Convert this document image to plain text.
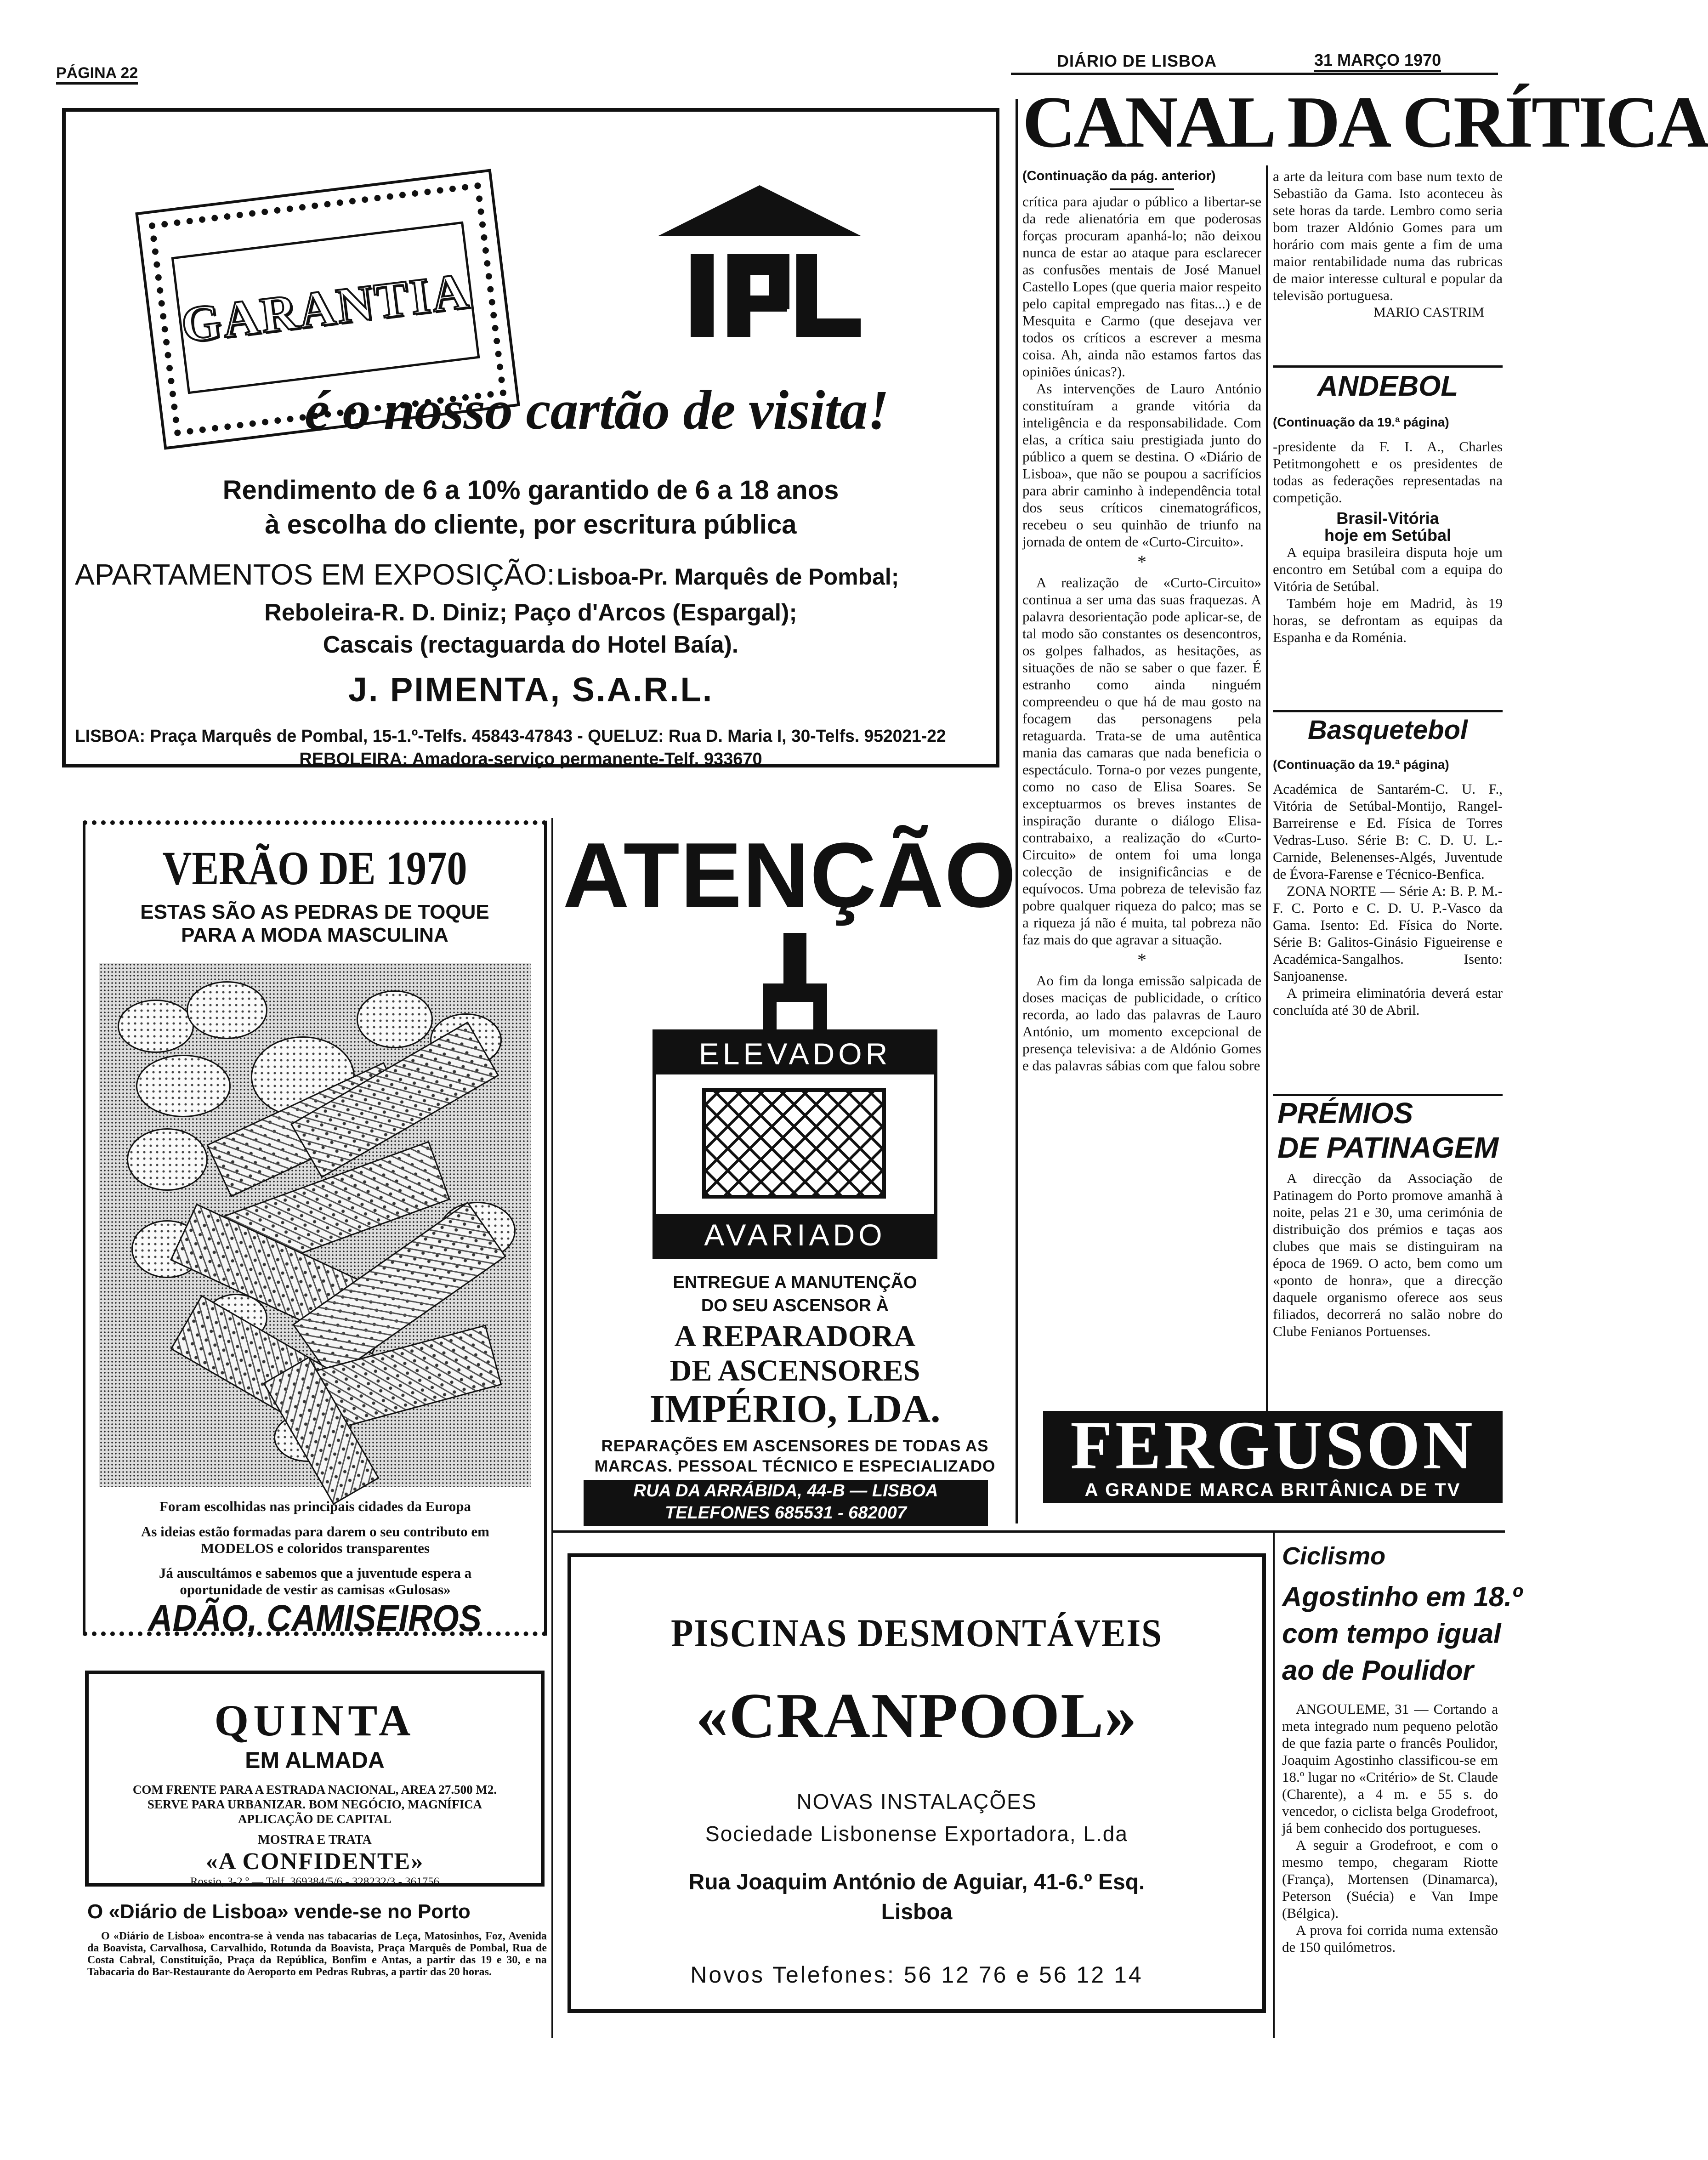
PÁGINA 22
DIÁRIO DE LISBOA	31 MARÇO 1970
GARANTIA
é o nosso cartão de visita!
Rendimento de 6 a 10% garantido de 6 a 18 anos
à escolha do cliente, por escritura pública
APARTAMENTOS EM EXPOSIÇÃO: Lisboa-Pr. Marquês de Pombal;
Reboleira-R. D. Diniz; Paço d'Arcos (Espargal);
Cascais (rectaguarda do Hotel Baía).
J. PIMENTA, S.A.R.L.
LISBOA: Praça Marquês de Pombal, 15-1.º-Telfs. 45843-47843 - QUELUZ: Rua D. Maria I, 30-Telfs. 952021-22
REBOLEIRA: Amadora-serviço permanente-Telf. 933670
CANAL DA CRÍTICA
(Continuação da pág. anterior)

crítica para ajudar o público a libertar-se da rede alienatória em que poderosas forças procuram apanhá-lo; não deixou nunca de estar ao ataque para esclarecer as confusões mentais de José Manuel Castello Lopes (que queria maior respeito pelo capital empregado nas fitas...) e de Mesquita e Carmo (que desejava ver todos os críticos a escrever a mesma coisa. Ah, ainda não estamos fartos das opiniões únicas?).

As intervenções de Lauro António constituíram a grande vitória da inteligência e da responsabilidade. Com elas, a crítica saiu prestigiada junto do público a quem se destina. O «Diário de Lisboa», que não se poupou a sacrifícios para abrir caminho à independência total dos seus críticos cinematográficos, recebeu o seu quinhão de triunfo na jornada de ontem de «Curto-Circuito».

*

A realização de «Curto-Circuito» continua a ser uma das suas fraquezas. A palavra desorientação pode aplicar-se, de tal modo são constantes os desencontros, os golpes falhados, as hesitações, as situações de não se saber o que fazer. É estranho como ainda ninguém compreendeu o que há de mau gosto na focagem das personagens pela retaguarda. Trata-se de uma autêntica mania das camaras que nada beneficia o espectáculo. Torna-o por vezes pungente, como no caso de Elisa Soares. Se exceptuarmos os breves instantes de inspiração durante o diálogo Elisa-contrabaixo, a realização do «Curto-Circuito» de ontem foi uma longa colecção de insignificâncias e de equívocos. Uma pobreza de televisão faz pobre qualquer riqueza do palco; mas se a riqueza já não é muita, tal pobreza não faz mais do que agravar a situação.

*

Ao fim da longa emissão salpicada de doses maciças de publicidade, o crítico recorda, ao lado das palavras de Lauro António, um momento excepcional de presença televisiva: a de Aldónio Gomes e das palavras sábias com que falou sobre

a arte da leitura com base num texto de Sebastião da Gama. Isto aconteceu às sete horas da tarde. Lembro como seria bom trazer Aldónio Gomes para um horário com mais gente a fim de uma maior rentabilidade numa das rubricas de maior interesse cultural e popular da televisão portuguesa.

MARIO CASTRIM
ANDEBOL
(Continuação da 19.ª página)

-presidente da F. I. A., Charles Petitmongohett e os presidentes de todas as federações representadas na competição.

Brasil-Vitória
hoje em Setúbal

A equipa brasileira disputa hoje um encontro em Setúbal com a equipa do Vitória de Setúbal.

Também hoje em Madrid, às 19 horas, se defrontam as equipas da Espanha e da Roménia.

Basquetebol
(Continuação da 19.ª página)

Académica de Santarém-C. U. F., Vitória de Setúbal-Montijo, Rangel-Barreirense e Ed. Física de Torres Vedras-Luso. Série B: C. D. U. L.-Carnide, Belenenses-Algés, Juventude de Évora-Farense e Técnico-Benfica.

ZONA NORTE — Série A: B. P. M.-F. C. Porto e C. D. U. P.-Vasco da Gama. Isento: Ed. Física do Norte. Série B: Galitos-Ginásio Figueirense e Académica-Sangalhos. Isento: Sanjoanense.

A primeira eliminatória deverá estar concluída até 30 de Abril.

PRÉMIOS
DE PATINAGEM

A direcção da Associação de Patinagem do Porto promove amanhã à noite, pelas 21 e 30, uma cerimónia de distribuição dos prémios e taças aos clubes que mais se distinguiram na época de 1969. O acto, bem como um «ponto de honra», que a direcção daquele organismo oferece aos seus filiados, decorrerá no salão nobre do Clube Fenianos Portuenses.

VERÃO DE 1970
ESTAS SÃO AS PEDRAS DE TOQUE
PARA A MODA MASCULINA
Foram escolhidas nas principais cidades da Europa
As ideias estão formadas para darem o seu contributo em MODELOS e coloridos transparentes
Já auscultámos e sabemos que a juventude espera a oportunidade de vestir as camisas «Gulosas»
ADÃO, CAMISEIROS
ATENÇÃO
ELEVADOR
AVARIADO
ENTREGUE A MANUTENÇÃO
DO SEU ASCENSOR À
A REPARADORA
DE ASCENSORES
IMPÉRIO, LDA.
REPARAÇÕES EM ASCENSORES DE TODAS AS MARCAS. PESSOAL TÉCNICO E ESPECIALIZADO
RUA DA ARRÁBIDA, 44-B — LISBOA
TELEFONES 685531 - 682007
FERGUSON
A GRANDE MARCA BRITÂNICA DE TV
QUINTA
EM ALMADA
COM FRENTE PARA A ESTRADA NACIONAL, AREA 27.500 M2. SERVE PARA URBANIZAR. BOM NEGÓCIO, MAGNÍFICA APLICAÇÃO DE CAPITAL
MOSTRA E TRATA
«A CONFIDENTE»
Rossio, 3-2.º — Telf. 369384/5/6 - 328232/3 - 361756
O «Diário de Lisboa» vende-se no Porto
O «Diário de Lisboa» encontra-se à venda nas tabacarias de Leça, Matosinhos, Foz, Avenida da Boavista, Carvalhosa, Carvalhido, Rotunda da Boavista, Praça Marquês de Pombal, Rua de Costa Cabral, Constituição, Praça da República, Bonfim e Antas, a partir das 19 e 30, e na Tabacaria do Bar-Restaurante do Aeroporto em Pedras Rubras, a partir das 20 horas.
PISCINAS DESMONTÁVEIS
«CRANPOOL»
NOVAS INSTALAÇÕES
Sociedade Lisbonense Exportadora, L.da
Rua Joaquim António de Aguiar, 41-6.º Esq.
Lisboa
Novos Telefones: 56 12 76 e 56 12 14
Ciclismo
Agostinho em 18.º
com tempo igual
ao de Poulidor

ANGOULEME, 31 — Cortando a meta integrado num pequeno pelotão de que fazia parte o francês Poulidor, Joaquim Agostinho classificou-se em 18.º lugar no «Critério» de St. Claude (Charente), a 4 m. e 55 s. do vencedor, o ciclista belga Grodefroot, já bem conhecido dos portugueses.

A seguir a Grodefroot, e com o mesmo tempo, chegaram Riotte (França), Mortensen (Dinamarca), Peterson (Suécia) e Van Impe (Bélgica).

A prova foi corrida numa extensão de 150 quilómetros.
